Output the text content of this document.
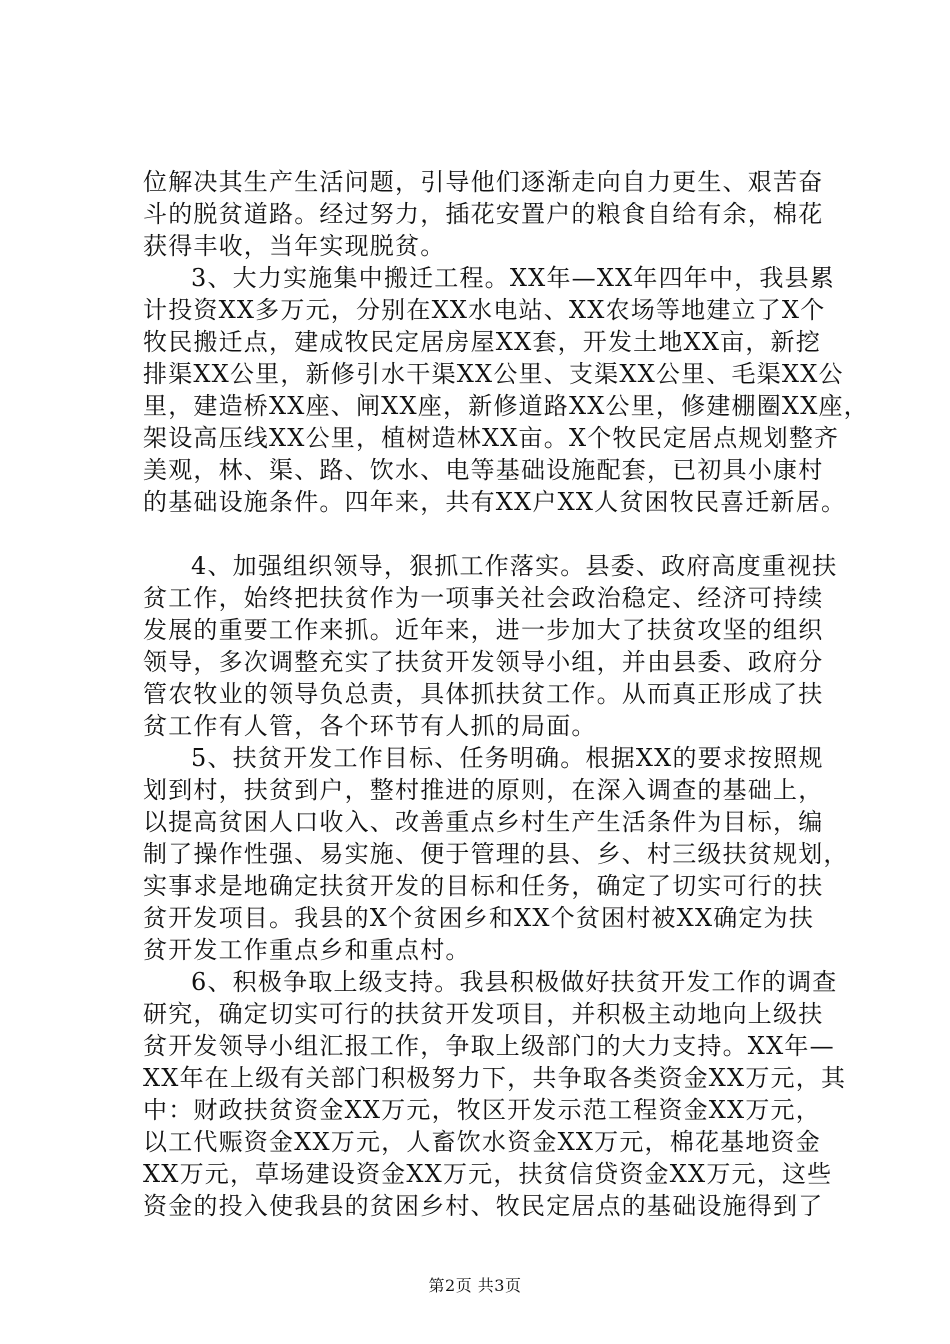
位解决其生产生活问题，引导他们逐渐走向自力更生、艰苦奋
斗的脱贫道路。经过努力，插花安置户的粮食自给有余，棉花
获得丰收，当年实现脱贫。
3、大力实施集中搬迁工程。XX年—XX年四年中，我县累
计投资XX多万元，分别在XX水电站、XX农场等地建立了X个
牧民搬迁点，建成牧民定居房屋XX套，开发土地XX亩，新挖
排渠XX公里，新修引水干渠XX公里、支渠XX公里、毛渠XX公
里，建造桥XX座、闸XX座，新修道路XX公里，修建棚圈XX座，
架设高压线XX公里，植树造林XX亩。X个牧民定居点规划整齐
美观，林、渠、路、饮水、电等基础设施配套，已初具小康村
的基础设施条件。四年来，共有XX户XX人贫困牧民喜迁新居。
4、加强组织领导，狠抓工作落实。县委、政府高度重视扶
贫工作，始终把扶贫作为一项事关社会政治稳定、经济可持续
发展的重要工作来抓。近年来，进一步加大了扶贫攻坚的组织
领导，多次调整充实了扶贫开发领导小组，并由县委、政府分
管农牧业的领导负总责，具体抓扶贫工作。从而真正形成了扶
贫工作有人管，各个环节有人抓的局面。
5、扶贫开发工作目标、任务明确。根据XX的要求按照规
划到村，扶贫到户，整村推进的原则，在深入调查的基础上，
以提高贫困人口收入、改善重点乡村生产生活条件为目标，编
制了操作性强、易实施、便于管理的县、乡、村三级扶贫规划，
实事求是地确定扶贫开发的目标和任务，确定了切实可行的扶
贫开发项目。我县的X个贫困乡和XX个贫困村被XX确定为扶
贫开发工作重点乡和重点村。
6、积极争取上级支持。我县积极做好扶贫开发工作的调查
研究，确定切实可行的扶贫开发项目，并积极主动地向上级扶
贫开发领导小组汇报工作，争取上级部门的大力支持。XX年—
XX年在上级有关部门积极努力下，共争取各类资金XX万元，其
中：财政扶贫资金XX万元，牧区开发示范工程资金XX万元，
以工代赈资金XX万元，人畜饮水资金XX万元，棉花基地资金
XX万元，草场建设资金XX万元，扶贫信贷资金XX万元，这些
资金的投入使我县的贫困乡村、牧民定居点的基础设施得到了
第2页 共3页
